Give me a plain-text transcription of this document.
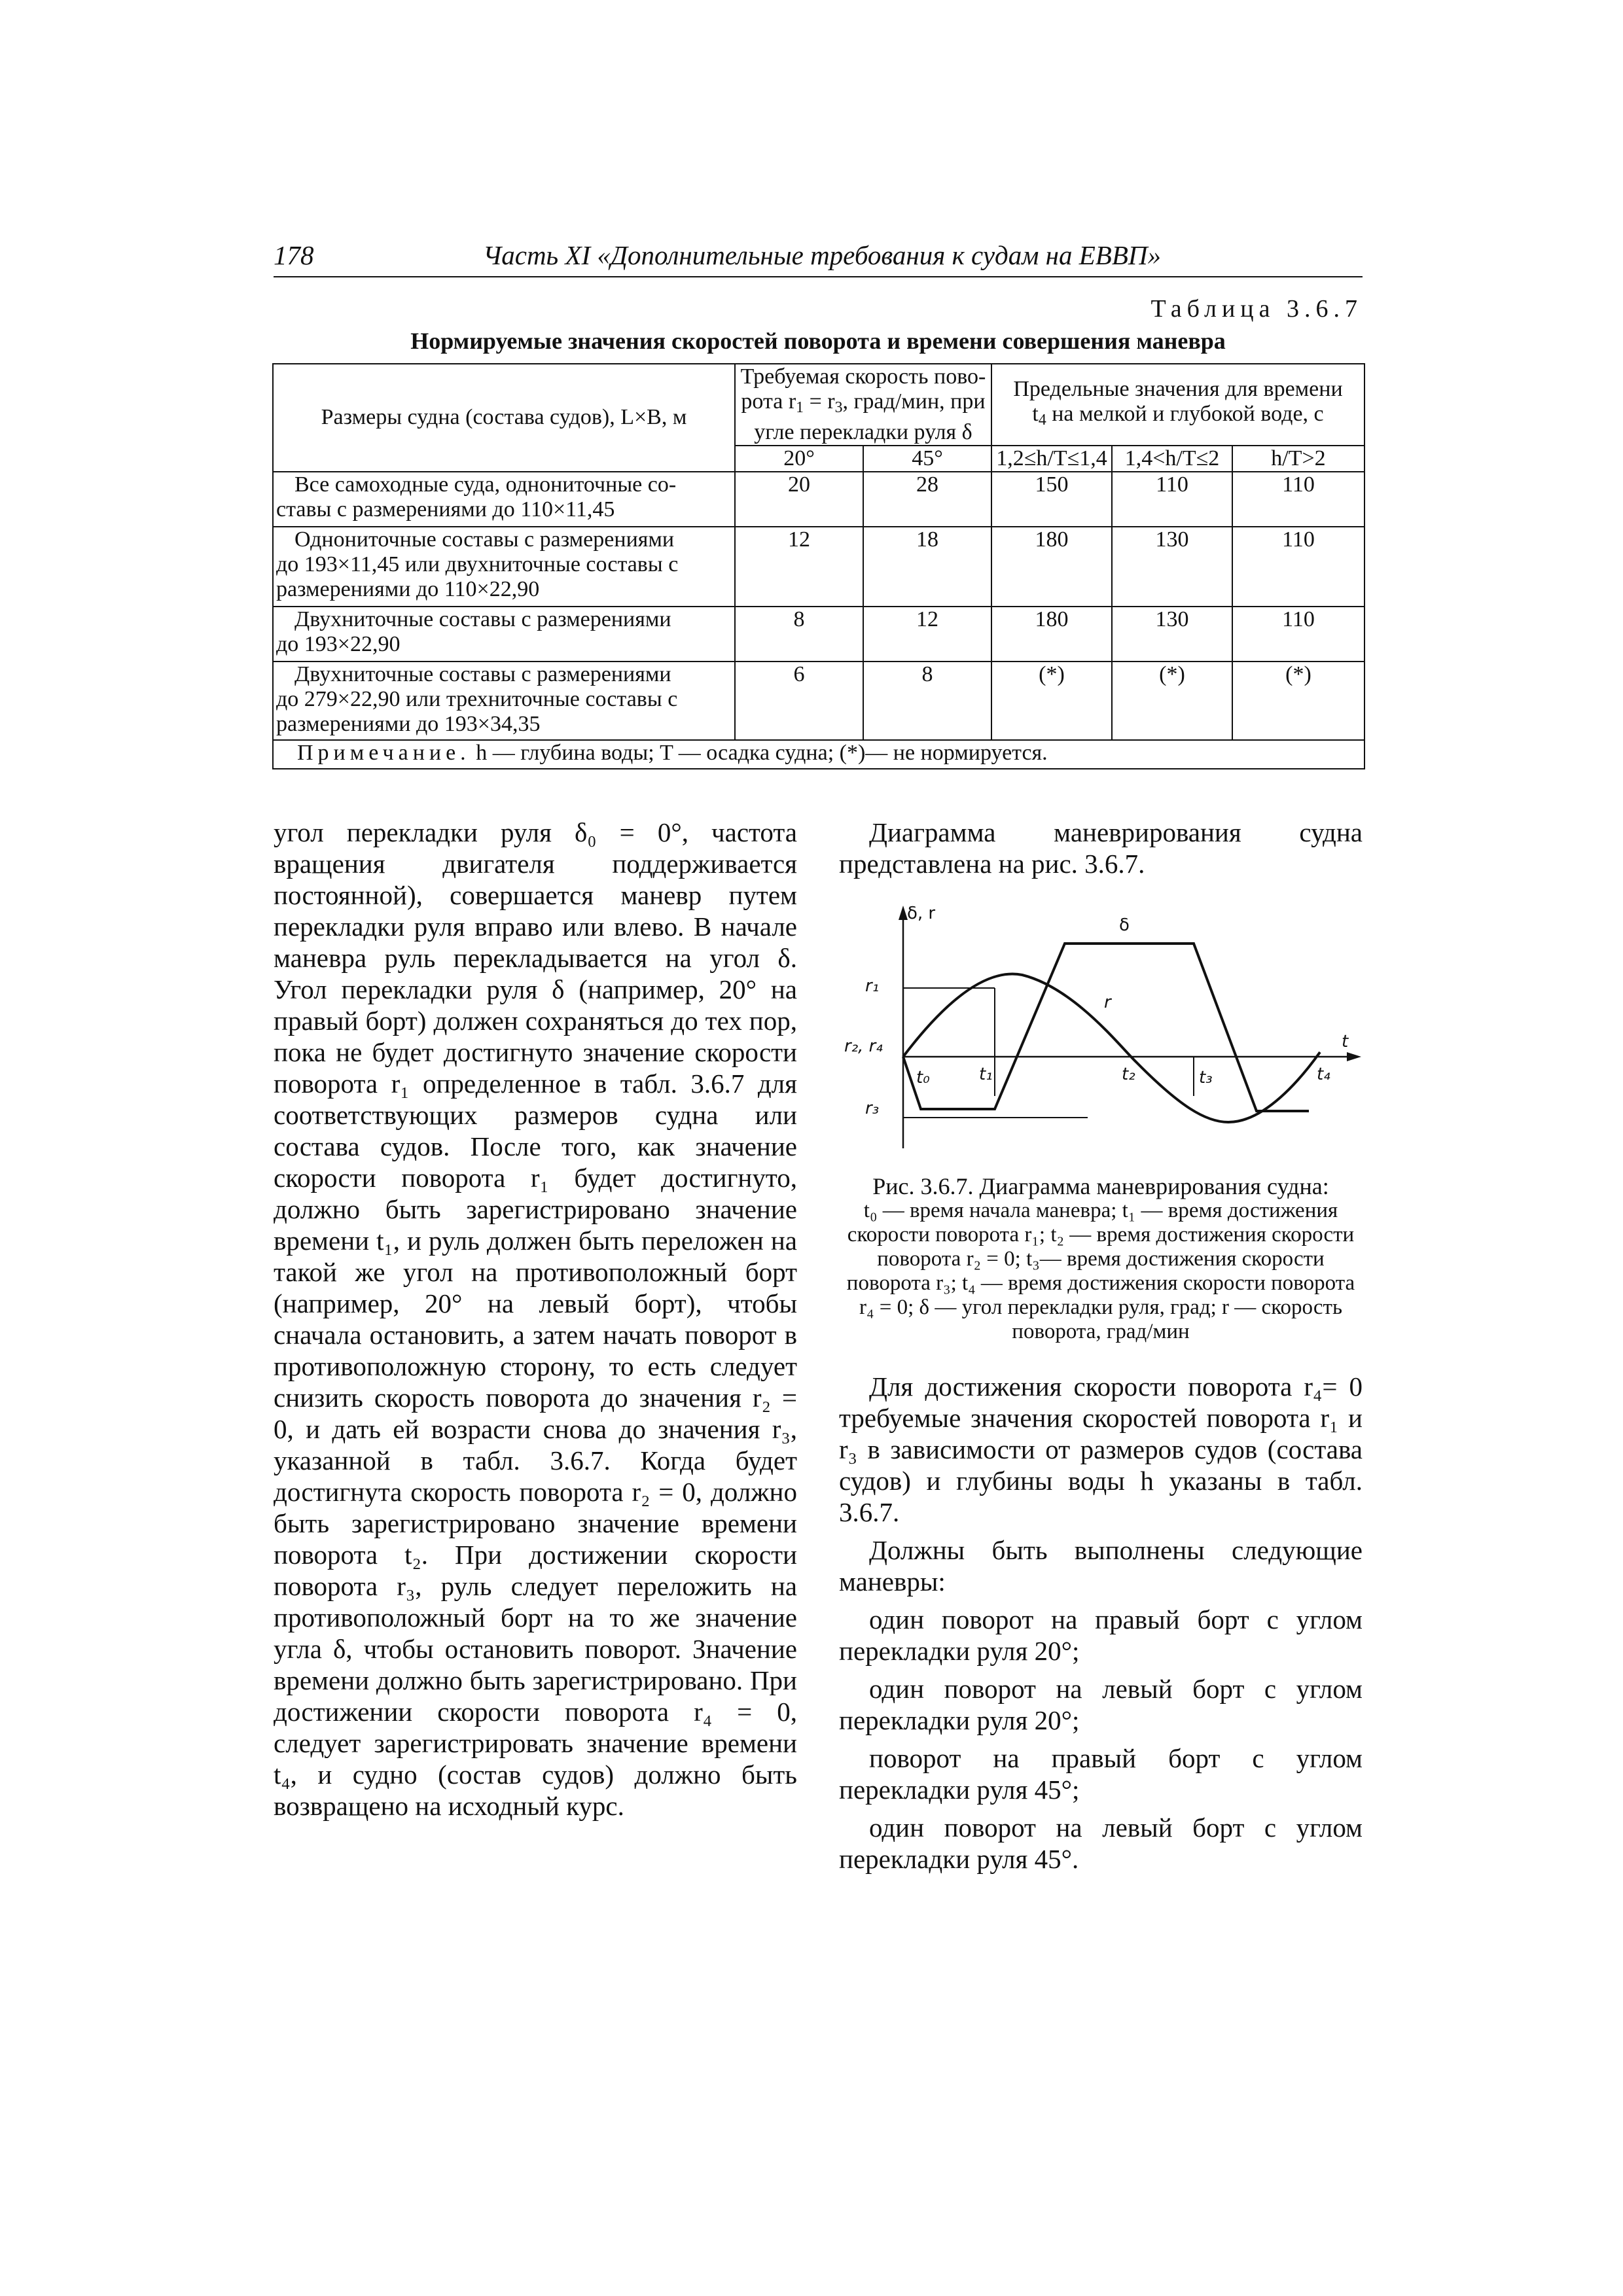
178	Часть XI «Дополнительные требования к судам на ЕВВП»
Таблица 3.6.7
Нормируемые значения скоростей поворота и времени совершения маневра
Размеры судна (состава судов), L×B, м	Требуемая скорость пово-
рота $r_1 = r_3$, град/мин, при
угле перекладки руля δ		Предельные значения для времени
$t_4$ на мелкой и глубокой воде, с		
	20°	45°	1,2≤h/T≤1,4	1,4<h/T≤2	h/T>2
Все самоходные суда, однониточные со-
ставы с размерениями до 110×11,45	20	28	150	110	110
Однониточные составы с размерениями
до 193×11,45 или двухниточные составы с
размерениями до 110×22,90	12	18	180	130	110
Двухниточные составы с размерениями
до 193×22,90	8	12	180	130	110
Двухниточные составы с размерениями
до 279×22,90 или трехниточные составы с
размерениями до 193×34,35	6	8	(*)	(*)	(*)
Примечание. h — глубина воды; T — осадка судна; (*)— не нормируется.					

угол перекладки руля δ₀ = 0°, частота вращения двигателя поддерживается постоянной), совершается маневр путем перекладки руля вправо или влево. В начале маневра руль перекладывается на угол δ. Угол перекладки руля δ (например, 20° на правый борт) должен сохраняться до тех пор, пока не будет достигнуто значение скорости поворота r₁ определенное в табл. 3.6.7 для соответствующих размеров судна или состава судов. После того, как значение скорости поворота r₁ будет достигнуто, должно быть зарегистрировано значение времени t₁, и руль должен быть переложен на такой же угол на противоположный борт (например, 20° на левый борт), чтобы сначала остановить, а затем начать поворот в противоположную сторону, то есть следует снизить скорость поворота до значения r₂ = 0, и дать ей возрасти снова до значения r₃, указанной в табл. 3.6.7. Когда будет достигнута скорость поворота r₂ = 0, должно быть зарегистрировано значение времени поворота t₂. При достижении скорости поворота r₃, руль следует переложить на противоположный борт на то же значение угла δ, чтобы остановить поворот. Значение времени должно быть зарегистрировано. При достижении скорости поворота r₄ = 0, следует зарегистрировать значение времени t₄, и судно (состав судов) должно быть возвращено на исходный курс.

Диаграмма маневрирования судна представлена на рис. 3.6.7.

δ, r
t
δ
r
r₁
r₂, r₄
r₃
t₀	t₁	t₂	t₃	t₄
Рис. 3.6.7. Диаграмма маневрирования судна:
t₀ — время начала маневра; t₁ — время достижения скорости поворота r₁; t₂ — время достижения скорости поворота r₂ = 0; t₃— время достижения скорости поворота r₃; t₄ — время достижения скорости поворота r₄ = 0; δ — угол перекладки руля, град; r — скорость поворота, град/мин

Для достижения скорости поворота r₄= 0 требуемые значения скоростей поворота r₁ и r₃ в зависимости от размеров судов (состава судов) и глубины воды h указаны в табл. 3.6.7.

Должны быть выполнены следующие маневры:

один поворот на правый борт с углом перекладки руля 20°;

один поворот на левый борт с углом перекладки руля 20°;

поворот на правый борт с углом перекладки руля 45°;

один поворот на левый борт с углом перекладки руля 45°.
